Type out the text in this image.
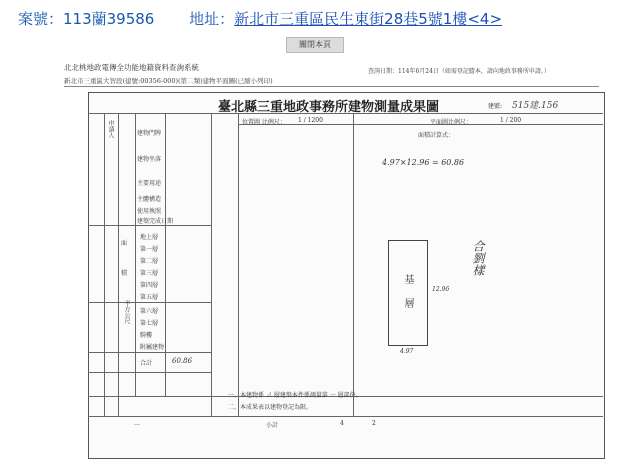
案號：113蘭39586 地址：新北市三重區民生東街28巷5號1樓<4>
關閉本頁
北北桃地政電傳全功能地籍資料查詢系統
新北市三重區大智段(建號:00356-000)(第二類)建物平面圖(已縮小列印)
查詢日期：114年6月24日（如需登記謄本，請向地政事務所申請。）
申請人	建物門牌
建物坐落
主要用途
主體構造
使用執照
建築完成日期
地上層
第一層
第二層
第三層
第四層
第五層
第六層
第七層
騎樓
附屬建物
合計	60.86
面
積
平方公尺
臺北縣三重地政事務所建物測量成果圖	建號: 515建.156
位置圖 比例尺： 1 / 1200	平面圖比例尺：	1 / 200
面積計算式：
4.97×12.96 = 60.86
基層
4.97
12.96
合劉樣
一、本建物係 ⊿ 層建築本件係測量第 一 層部份。
二、本成果表以建物登記為限。
…	小計	4	2
